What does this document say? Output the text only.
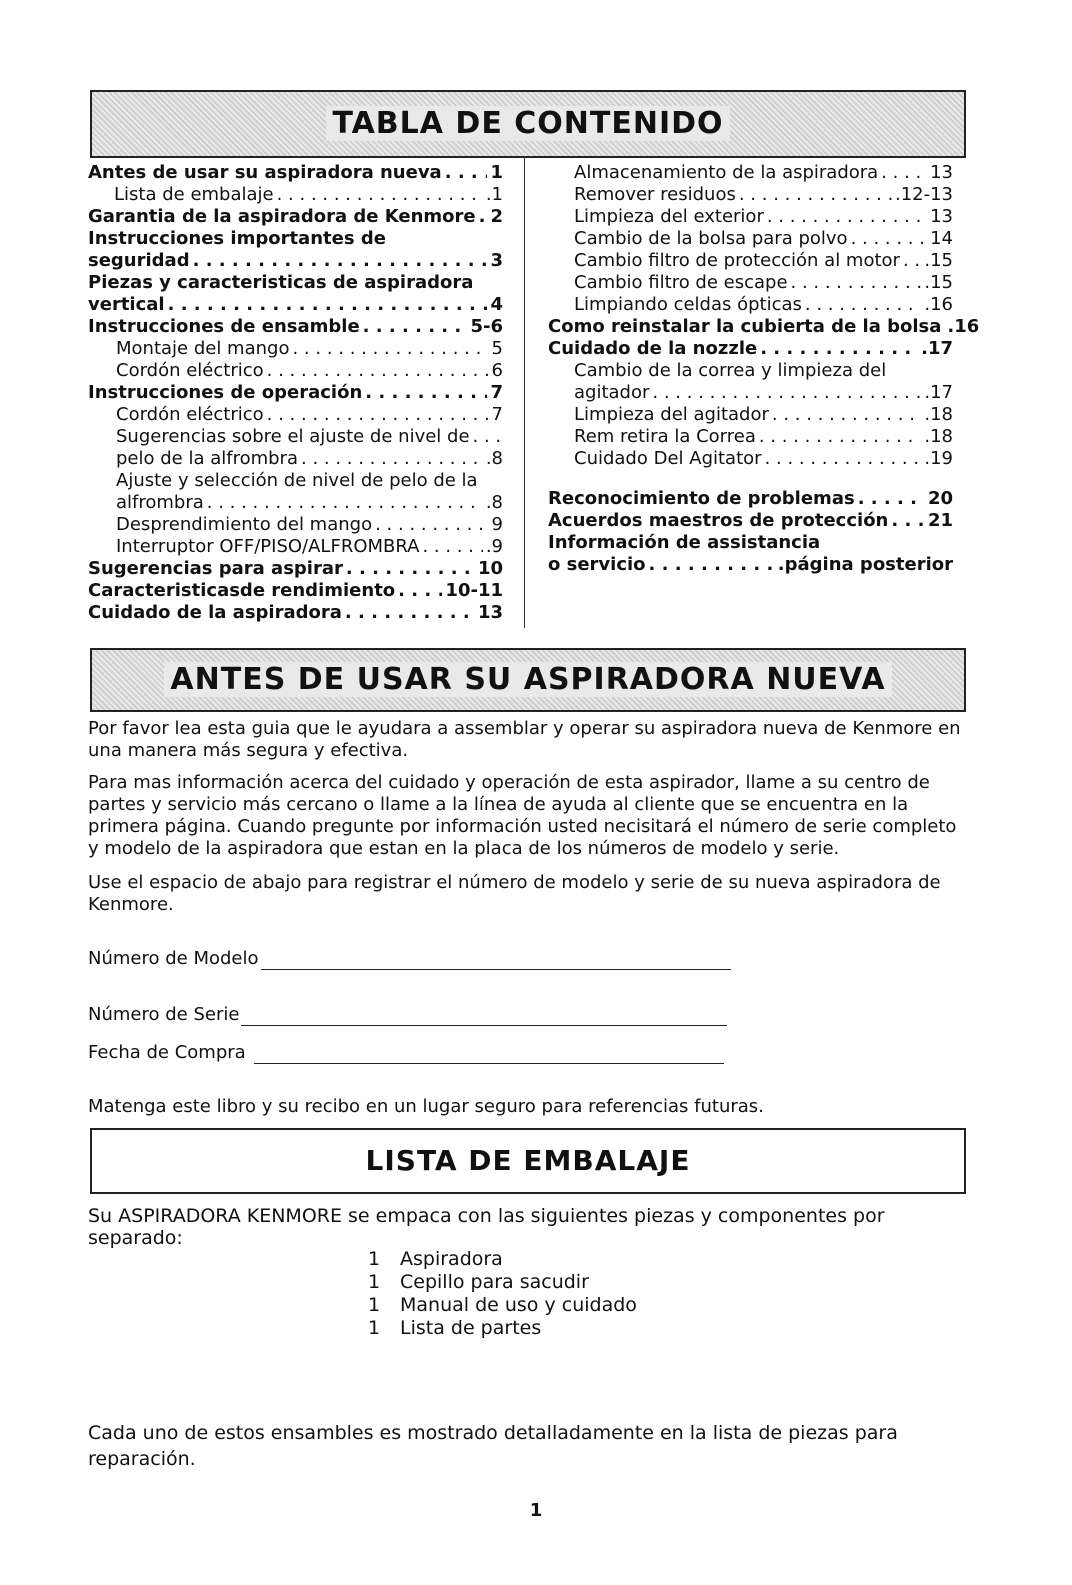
TABLA DE CONTENIDO
Antes de usar su aspiradora nueva . . .	1
Lista de embalaje . . .	.1
Garantia de la aspiradora de Kenmore . . . 2
Instrucciones importantes de
seguridad . . .	3
Piezas y caracteristicas de aspiradora
vertical . . .	4
Instrucciones de ensamble . . .	5-6
Montaje del mango . . .	5
Cordón eléctrico . . .	6
Instrucciones de operación . . .	7
Cordón eléctrico . . .	7
Sugerencias sobre el ajuste de nivel de
. . .
pelo de la alfrombra . . .	.8
Ajuste y selección de nivel de pelo de la
alfrombra . . .	.8
Desprendimiento del mango . . .	9
Interruptor OFF/PISO/ALFROMBRA . . .	.9
Sugerencias para aspirar . . .	10
Caracteristicasde rendimiento . . .	10-11
Cuidado de la aspiradora . . .	13
Almacenamiento de la aspiradora . . .	13
Remover residuos . . .	.12-13
Limpieza del exterior . . .	13
Cambio de la bolsa para polvo . . .	14
Cambio filtro de protección al motor . . . .15
Cambio filtro de escape . . .	.15
Limpiando celdas ópticas . . .	.16
Como reinstalar la cubierta de la bolsa .16
Cuidado de la nozzle . . .	.17
Cambio de la correa y limpieza del
agitador . . .	.17
Limpieza del agitador . . .	.18
Rem retira la Correa . . .	.18
Cuidado Del Agitator . . .	.19
Reconocimiento de problemas . . .	20
Acuerdos maestros de protección . . . 21
Información de assistancia
o servicio . . .	.página posterior
ANTES DE USAR SU ASPIRADORA NUEVA

Por favor lea esta guia que le ayudara a assemblar y operar su aspiradora nueva de Kenmore en una manera más segura y efectiva.

Para mas información acerca del cuidado y operación de esta aspirador, llame a su centro de partes y servicio más cercano o llame a la línea de ayuda al cliente que se encuentra en la primera página. Cuando pregunte por información usted necisitará el número de serie completo y modelo de la aspiradora que estan en la placa de los números de modelo y serie.

Use el espacio de abajo para registrar el número de modelo y serie de su nueva aspiradora de Kenmore.

Número de Modelo
Número de Serie
Fecha de Compra

Matenga este libro y su recibo en un lugar seguro para referencias futuras.

LISTA DE EMBALAJE
Su ASPIRADORA KENMORE se empaca con las siguientes piezas y componentes por separado:
1	Aspiradora
1	Cepillo para sacudir
1	Manual de uso y cuidado
1	Lista de partes
Cada uno de estos ensambles es mostrado detalladamente en la lista de piezas para reparación.
1
